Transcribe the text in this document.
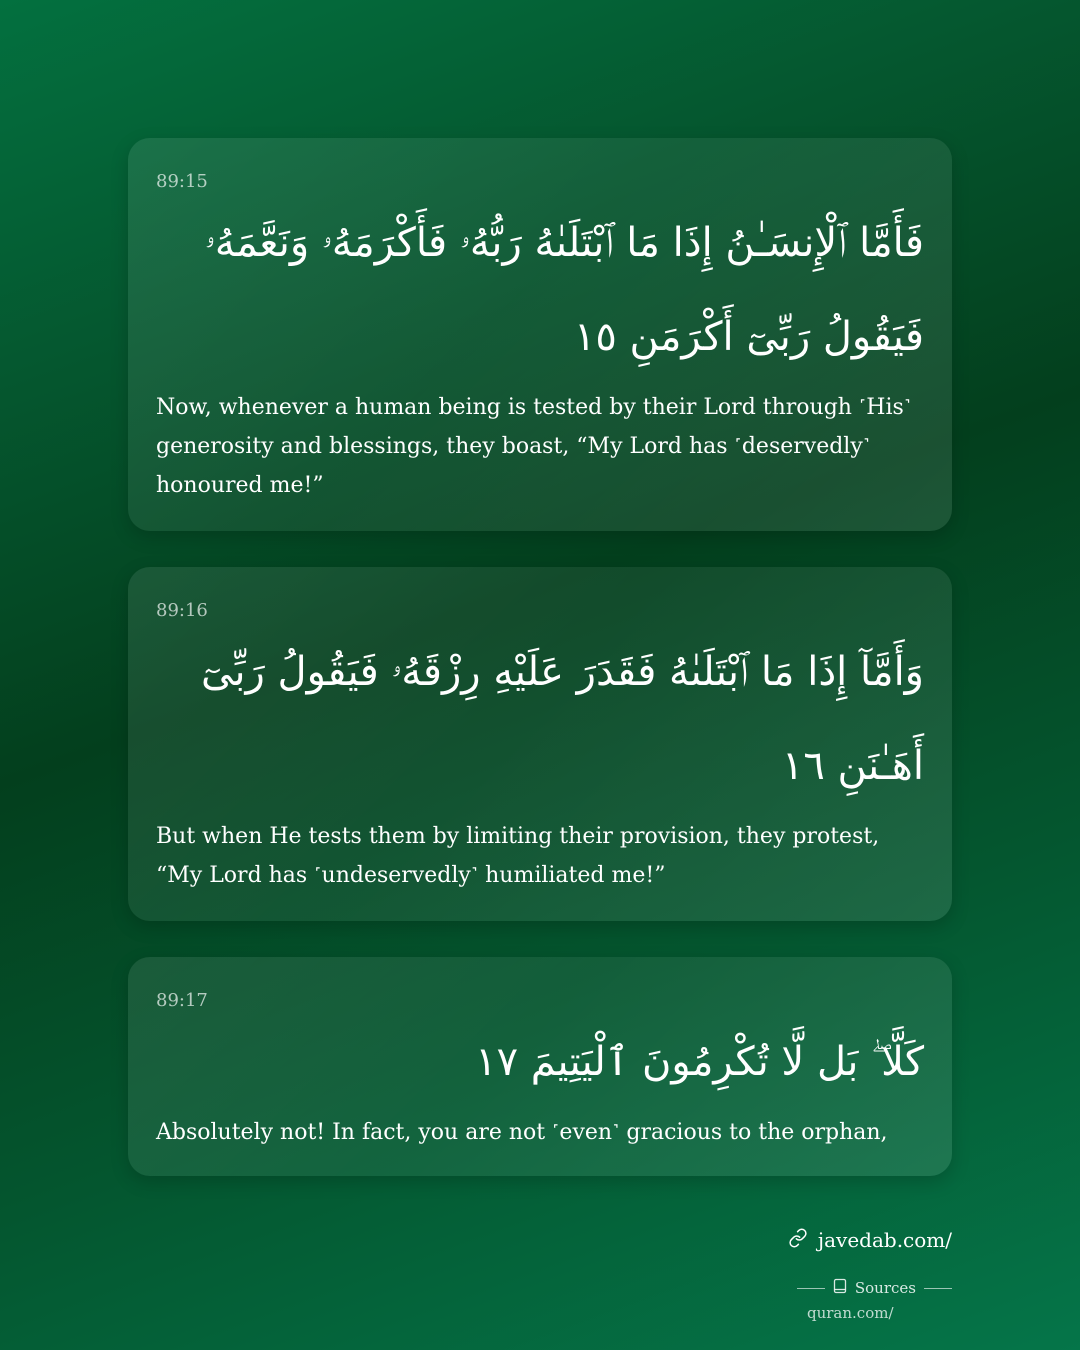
89:15

فَأَمَّا ٱلْإِنسَـٰنُ إِذَا مَا ٱبْتَلَىٰهُ رَبُّهُۥ فَأَكْرَمَهُۥ وَنَعَّمَهُۥ فَيَقُولُ رَبِّىٓ أَكْرَمَنِ ١٥

Now, whenever a human being is tested by their Lord through ˹His˺ generosity and blessings, they boast, “My Lord has ˹deservedly˺ honoured me!”

89:16

وَأَمَّآ إِذَا مَا ٱبْتَلَىٰهُ فَقَدَرَ عَلَيْهِ رِزْقَهُۥ فَيَقُولُ رَبِّىٓ أَهَـٰنَنِ ١٦

But when He tests them by limiting their provision, they protest, “My Lord has ˹undeservedly˺ humiliated me!”

89:17

كَلَّا ۖ بَل لَّا تُكْرِمُونَ ٱلْيَتِيمَ ١٧

Absolutely not! In fact, you are not ˹even˺ gracious to the orphan,

javedab.com/
Sources
quran.com/
